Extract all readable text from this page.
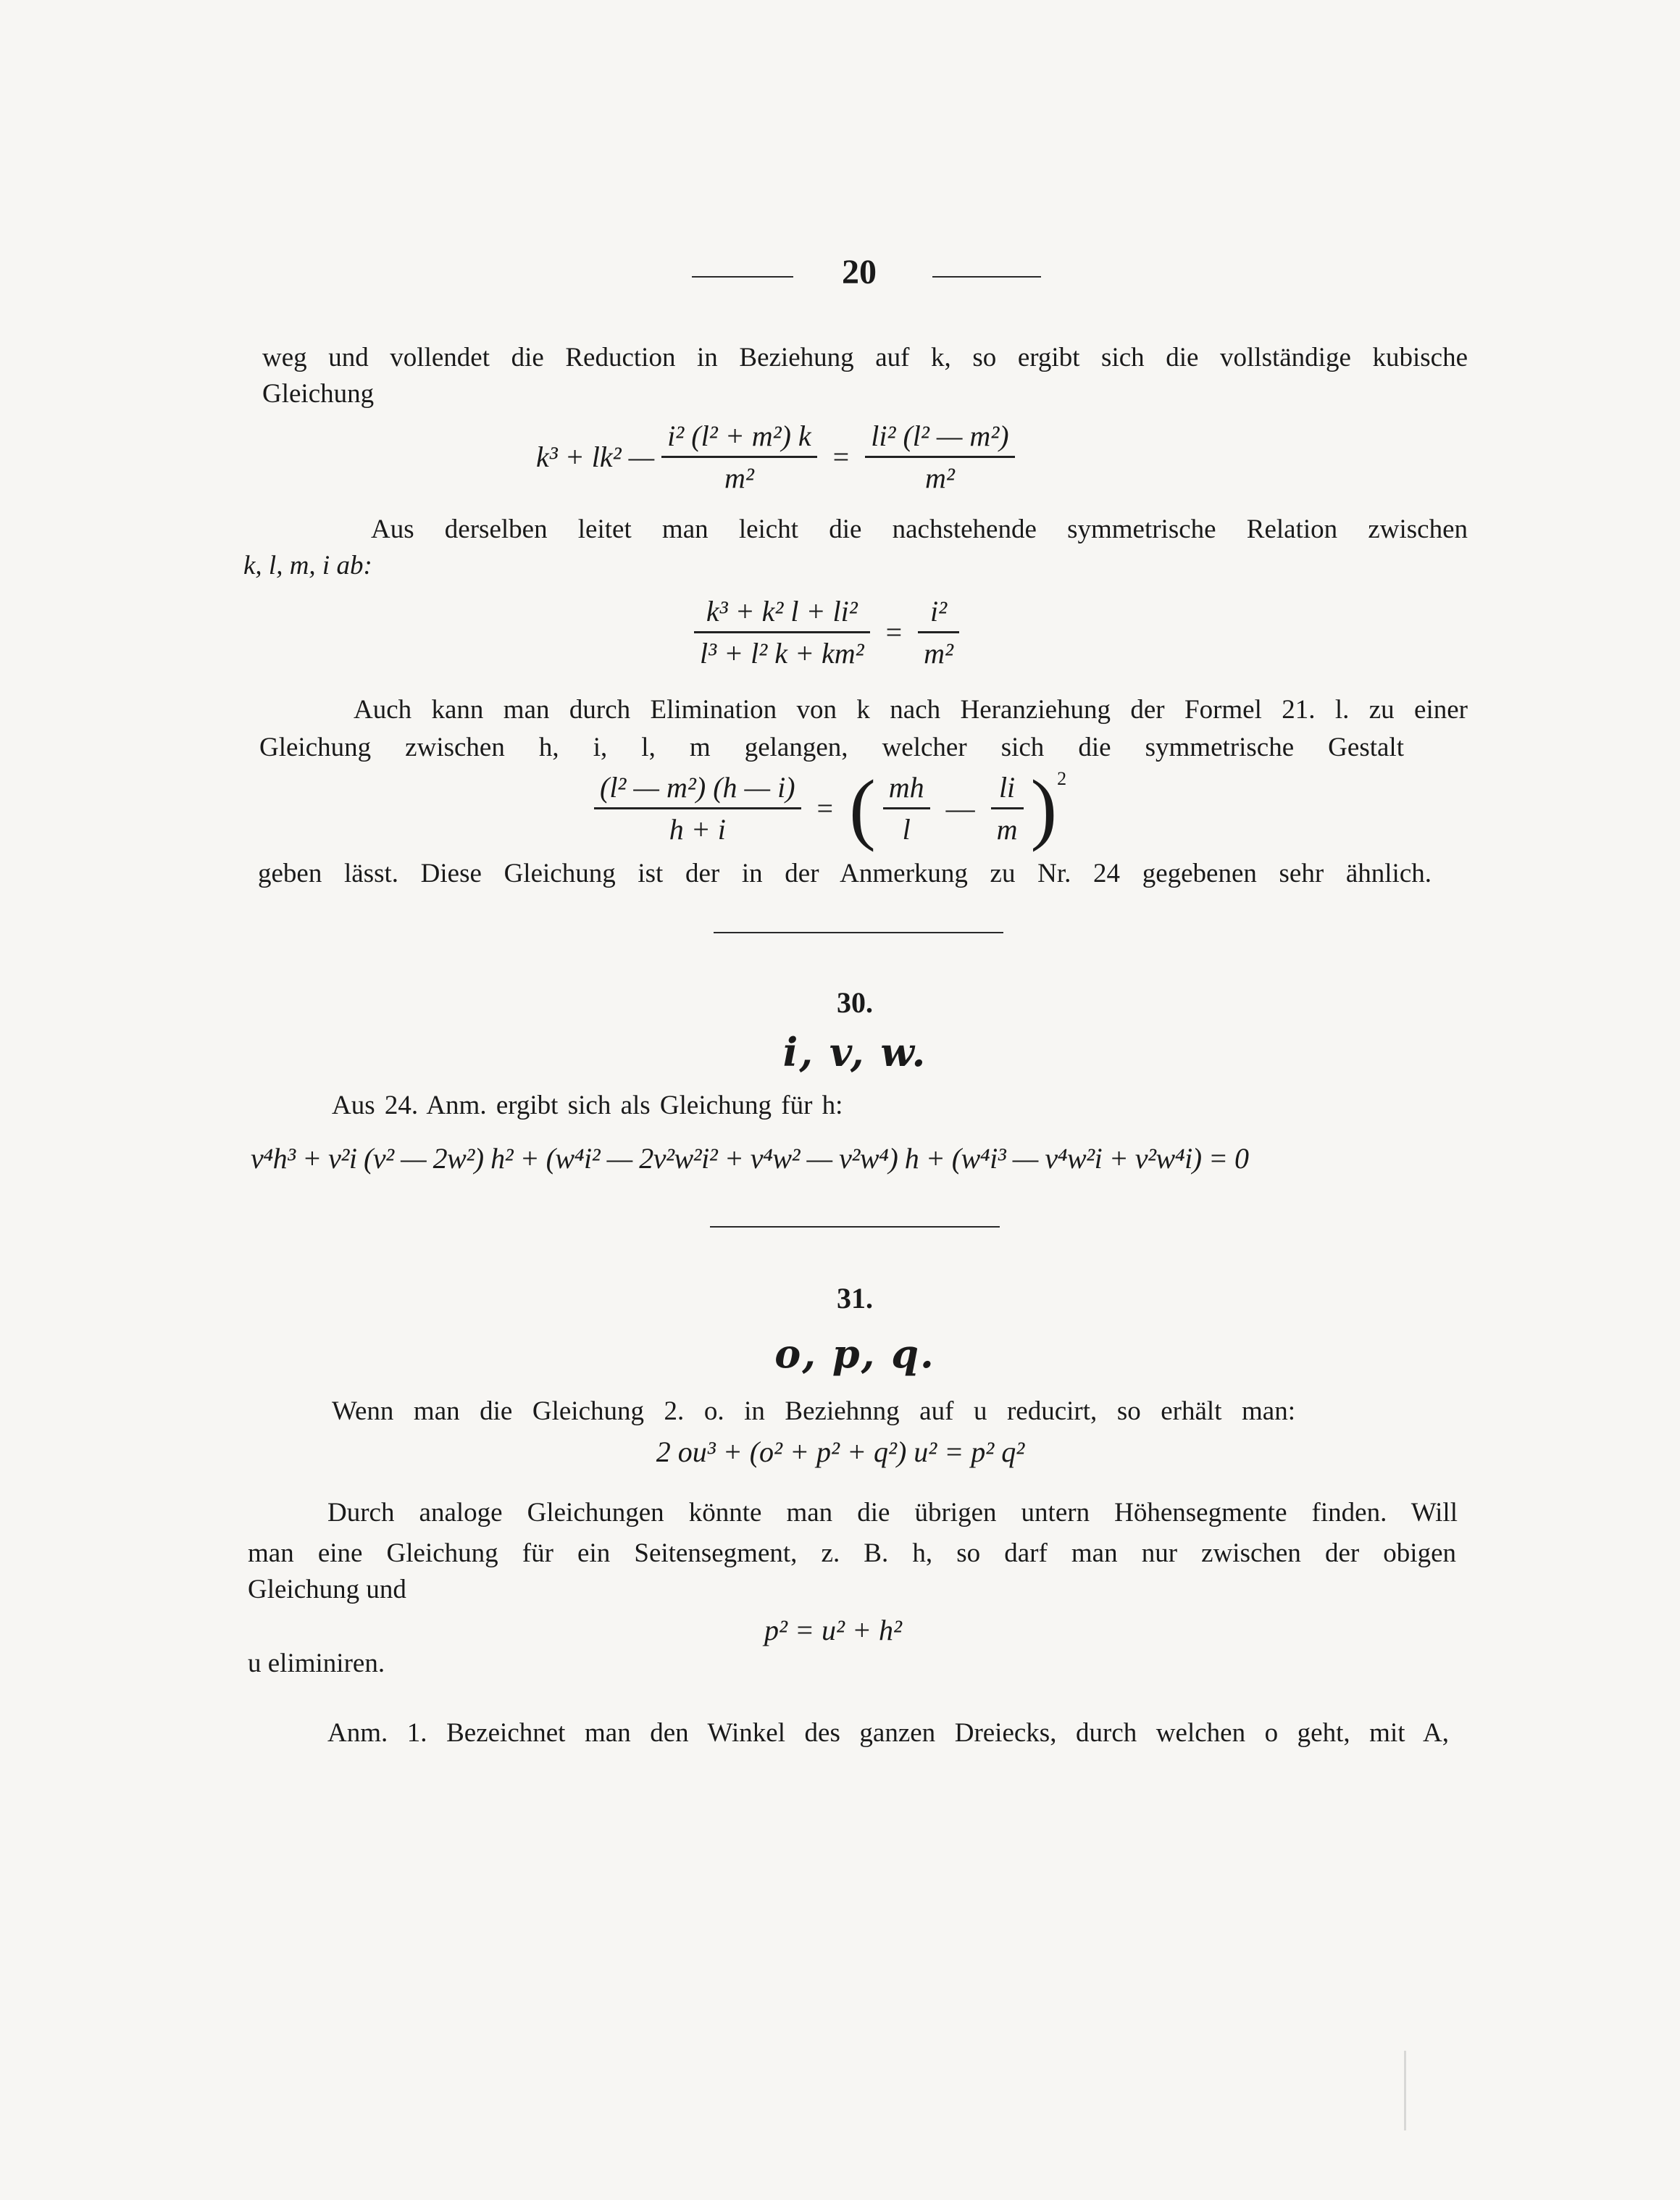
20
weg und vollendet die Reduction in Beziehung auf k, so ergibt sich die vollständige kubische
Gleichung
k³ + lk² — $\frac{\text{i² (l² + m²) k}}{\text{m²}} = \frac{\text{li² (l² — m²)}}{\text{m²}}$
Aus derselben leitet man leicht die nachstehende symmetrische Relation zwischen
k, l, m, i ab:
$\frac{\text{k³ + k² l + li²}}{\text{l³ + l² k + km²}} = \frac{\text{i²}}{\text{m²}}$
Auch kann man durch Elimination von k nach Heranziehung der Formel 21. l. zu einer
Gleichung zwischen h, i, l, m gelangen, welcher sich die symmetrische Gestalt
$\frac{\text{(l² — m²) (h — i)}}{h + i}$ = ( $\frac{mh}{l}$ — $\frac{li}{m} )^2$
geben lässt. Diese Gleichung ist der in der Anmerkung zu Nr. 24 gegebenen sehr ähnlich.
30.
i, v, w.
Aus 24. Anm. ergibt sich als Gleichung für h:
v⁴h³ + v²i (v² — 2w²) h² + (w⁴i² — 2v²w²i² + v⁴w² — v²w⁴) h + (w⁴i³ — v⁴w²i + v²w⁴i) = 0
31.
o, p, q.
Wenn man die Gleichung 2. o. in Beziehnng auf u reducirt, so erhält man:
2 ou³ + (o² + p² + q²) u² = p² q²
Durch analoge Gleichungen könnte man die übrigen untern Höhensegmente finden. Will
man eine Gleichung für ein Seitensegment, z. B. h, so darf man nur zwischen der obigen
Gleichung und
p² = u² + h²
u eliminiren.
Anm. 1. Bezeichnet man den Winkel des ganzen Dreiecks, durch welchen o geht, mit A,
